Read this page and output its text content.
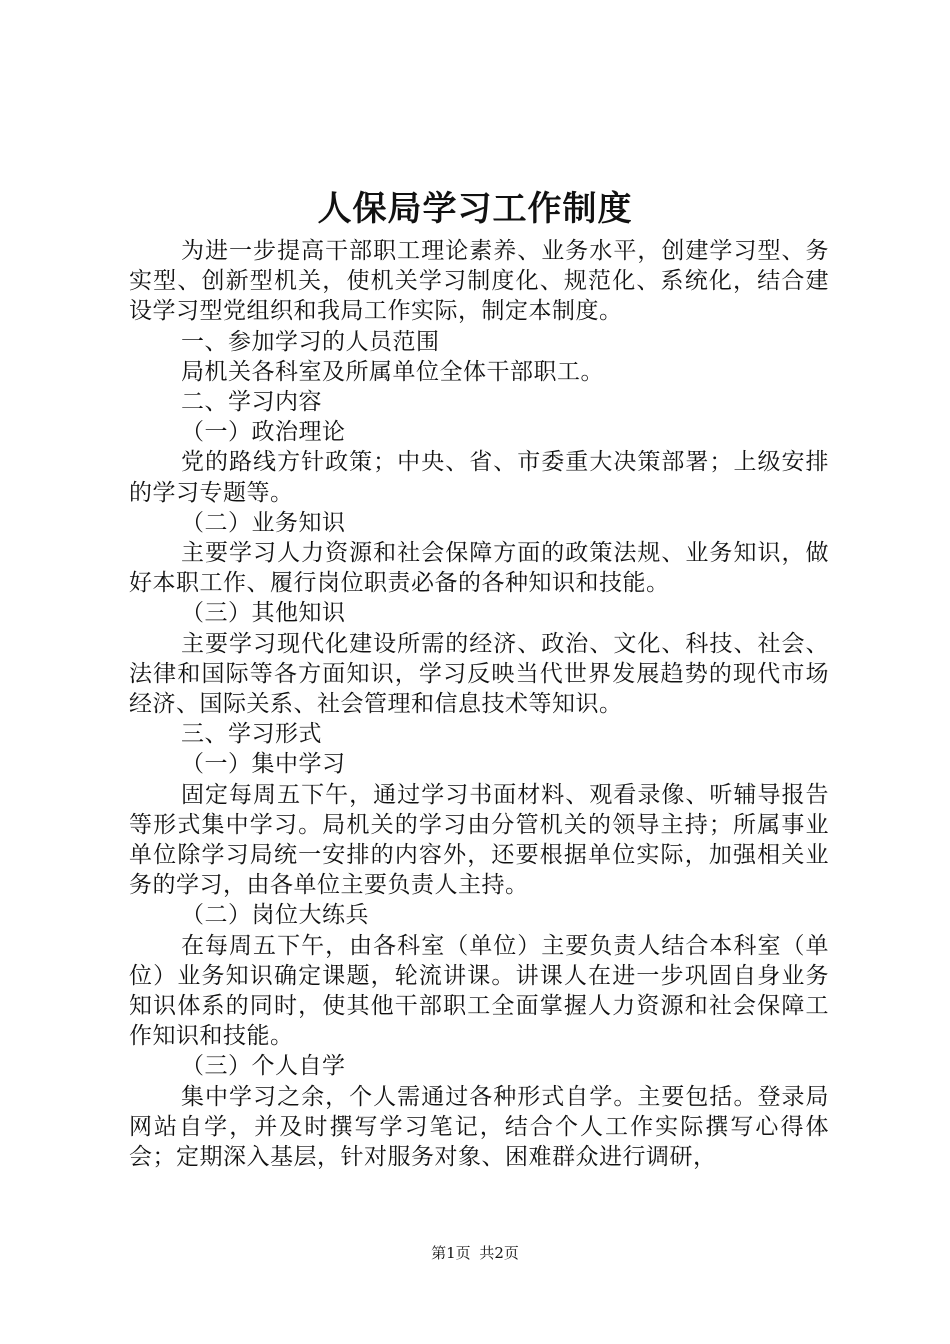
人保局学习工作制度

为进一步提高干部职工理论素养、业务水平，创建学习型、务实型、创新型机关，使机关学习制度化、规范化、系统化，结合建设学习型党组织和我局工作实际，制定本制度。

一、参加学习的人员范围

局机关各科室及所属单位全体干部职工。

二、学习内容

（一）政治理论

党的路线方针政策；中央、省、市委重大决策部署；上级安排的学习专题等。

（二）业务知识

主要学习人力资源和社会保障方面的政策法规、业务知识，做好本职工作、履行岗位职责必备的各种知识和技能。

（三）其他知识

主要学习现代化建设所需的经济、政治、文化、科技、社会、法律和国际等各方面知识，学习反映当代世界发展趋势的现代市场经济、国际关系、社会管理和信息技术等知识。

三、学习形式

（一）集中学习

固定每周五下午，通过学习书面材料、观看录像、听辅导报告等形式集中学习。局机关的学习由分管机关的领导主持；所属事业单位除学习局统一安排的内容外，还要根据单位实际，加强相关业务的学习，由各单位主要负责人主持。

（二）岗位大练兵

在每周五下午，由各科室（单位）主要负责人结合本科室（单位）业务知识确定课题，轮流讲课。讲课人在进一步巩固自身业务知识体系的同时，使其他干部职工全面掌握人力资源和社会保障工作知识和技能。

（三）个人自学

集中学习之余，个人需通过各种形式自学。主要包括。登录局网站自学，并及时撰写学习笔记，结合个人工作实际撰写心得体会；定期深入基层，针对服务对象、困难群众进行调研，

第1页 共2页
